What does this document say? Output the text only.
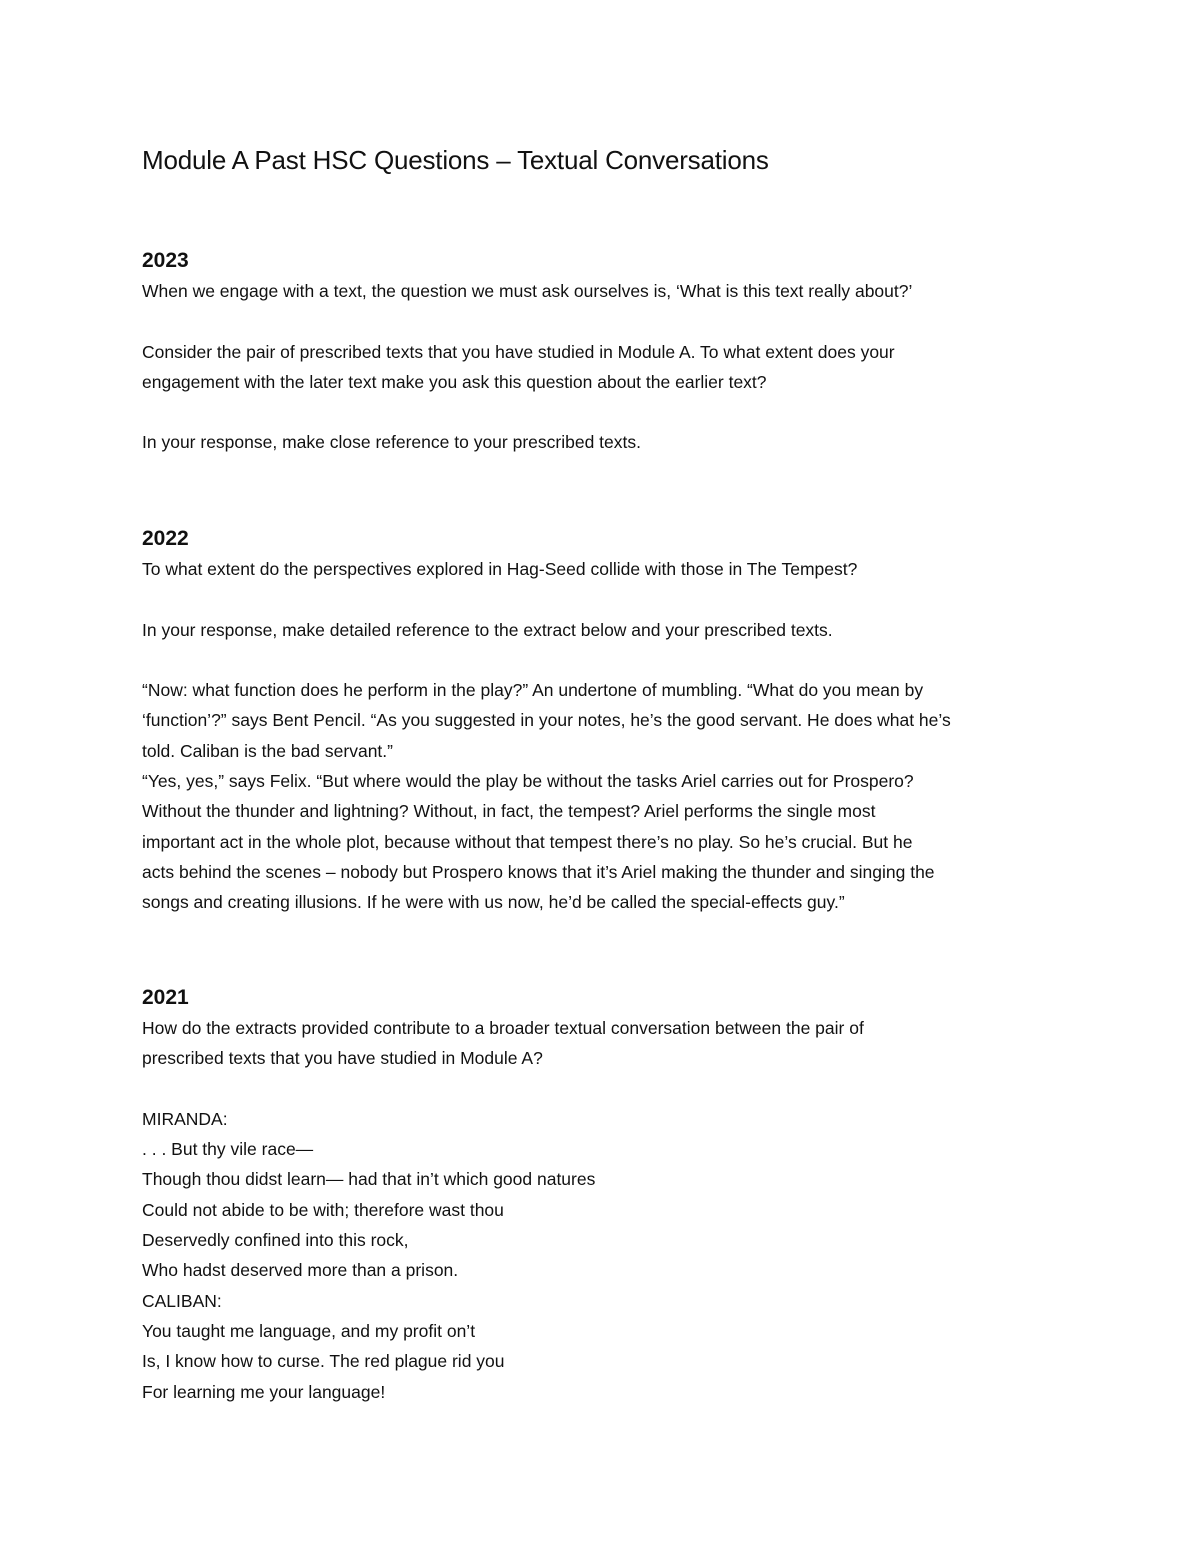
Module A Past HSC Questions – Textual Conversations
2023

When we engage with a text, the question we must ask ourselves is, ‘What is this text really about?’

Consider the pair of prescribed texts that you have studied in Module A. To what extent does your

engagement with the later text make you ask this question about the earlier text?

In your response, make close reference to your prescribed texts.

2022

To what extent do the perspectives explored in Hag-Seed collide with those in The Tempest?

In your response, make detailed reference to the extract below and your prescribed texts.

“Now: what function does he perform in the play?” An undertone of mumbling. “What do you mean by

‘function’?” says Bent Pencil. “As you suggested in your notes, he’s the good servant. He does what he’s

told. Caliban is the bad servant.”

“Yes, yes,” says Felix. “But where would the play be without the tasks Ariel carries out for Prospero?

Without the thunder and lightning? Without, in fact, the tempest? Ariel performs the single most

important act in the whole plot, because without that tempest there’s no play. So he’s crucial. But he

acts behind the scenes – nobody but Prospero knows that it’s Ariel making the thunder and singing the

songs and creating illusions. If he were with us now, he’d be called the special-effects guy.”

2021

How do the extracts provided contribute to a broader textual conversation between the pair of

prescribed texts that you have studied in Module A?

MIRANDA:

. . . But thy vile race—

Though thou didst learn— had that in’t which good natures

Could not abide to be with; therefore wast thou

Deservedly confined into this rock,

Who hadst deserved more than a prison.

CALIBAN:

You taught me language, and my profit on’t

Is, I know how to curse. The red plague rid you

For learning me your language!
